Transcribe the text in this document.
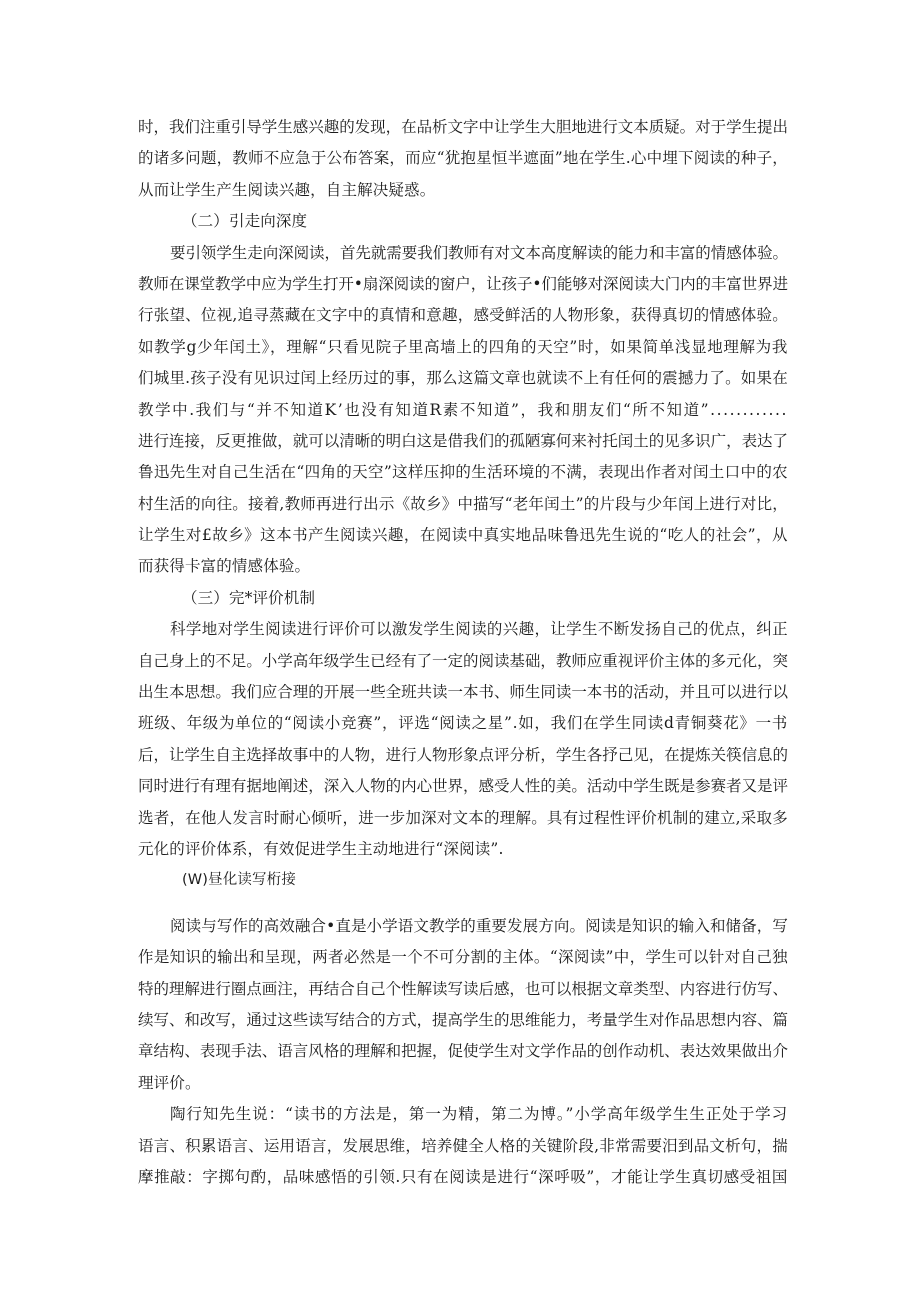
时，我们注重引导学生感兴趣的发现，在品析文字中让学生大胆地进行文本质疑。对于学生提出
的诸多问题，教师不应急于公布答案，而应“犹抱星恒半遮面”地在学生.心中埋下阅读的种子，
从而让学生产生阅读兴趣，自主解决疑惑。
（二）引走向深度
要引领学生走向深阅读，首先就需要我们教师有对文本高度解读的能力和丰富的情感体验。
教师在课堂教学中应为学生打开•扇深阅读的窗户，让孩子•们能够对深阅读大门内的丰富世界进
行张望、位视,追寻蒸藏在文字中的真情和意趣，感受鲜活的人物形象，获得真切的情感体验。
如教学g少年闰土》，理解“只看见院子里高墙上的四角的天空”时，如果简单浅显地理解为我
们城里.孩子没有见识过闰上经历过的事，那么这篇文章也就读不上有任何的震撼力了。如果在
教学中.我们与“并不知道K’也没有知道R素不知道”，我和朋友们“所不知道”............
进行连接，反更推做，就可以清晰的明白这是借我们的孤陋寡何来衬托闰土的见多识广，表达了
鲁迅先生对自己生活在“四角的天空”这样压抑的生活环境的不满，表现出作者对闰土口中的农
村生活的向往。接着,教师再进行出示《故乡》中描写“老年闰土”的片段与少年闰上进行对比，
让学生对£故乡》这本书产生阅读兴趣，在阅读中真实地品味鲁迅先生说的“吃人的社会”，从
而获得卡富的情感体验。
（三）完*评价机制
科学地对学生阅读进行评价可以激发学生阅读的兴趣，让学生不断发扬自己的优点，纠正
自己身上的不足。小学高年级学生已经有了一定的阅读基础，教师应重视评价主体的多元化，突
出生本思想。我们应合理的开展一些全班共读一本书、师生同读一本书的活动，并且可以进行以
班级、年级为单位的“阅读小竞赛”，评选“阅读之星”.如，我们在学生同读d青铜葵花》一书
后，让学生自主选择故事中的人物，进行人物形象点评分析，学生各抒己见，在提炼关筷信息的
同时进行有理有据地阐述，深入人物的内心世界，感受人性的美。活动中学生既是参赛者又是评
选者，在他人发言时耐心倾听，进一步加深对文本的理解。具有过程性评价机制的建立,采取多
元化的评价体系，有效促进学生主动地进行“深阅读”.
(W)昼化读写桁接
阅读与写作的高效融合•直是小学语文教学的重要发展方向。阅读是知识的输入和储备，写
作是知识的输出和呈现，两者必然是一个不可分割的主体。“深阅读”中，学生可以针对自己独
特的理解进行圈点画注，再结合自己个性解读写读后感，也可以根据文章类型、内容进行仿写、
续写、和改写，通过这些读写结合的方式，提高学生的思维能力，考量学生对作品思想内容、篇
章结构、表现手法、语言风格的理解和把握，促使学生对文学作品的创作动机、表达效果做出介
理评价。
陶行知先生说：“读书的方法是，第一为精，第二为博。”小学高年级学生生正处于学习
语言、积累语言、运用语言，发展思维，培养健全人格的关键阶段,非常需要汨到品文析句，揣
摩推敲：字掷句酌，品味感悟的引领.只有在阅读是进行“深呼吸”，才能让学生真切感受祖国
